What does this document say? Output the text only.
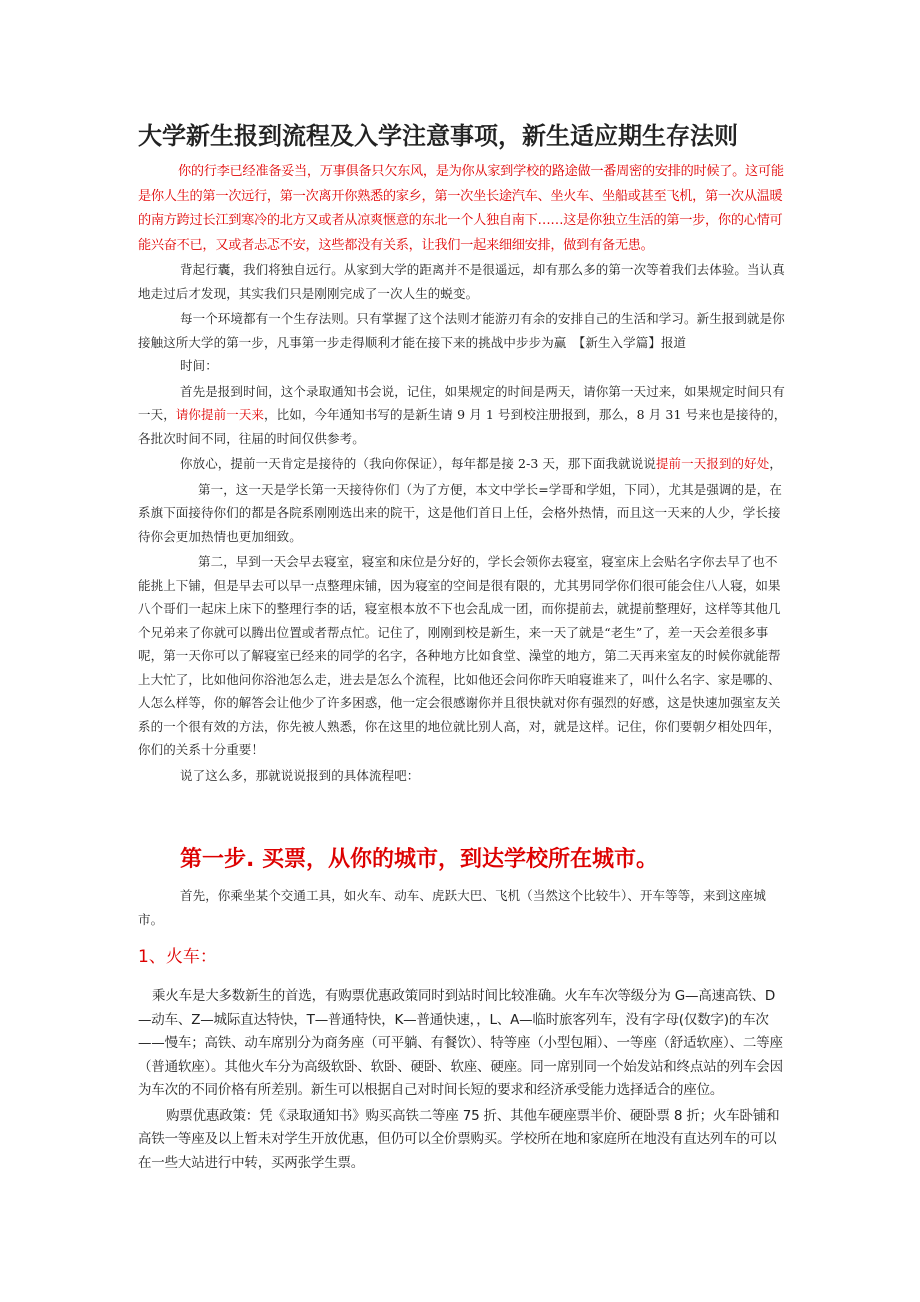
大学新生报到流程及入学注意事项，新生适应期生存法则
你的行李已经准备妥当，万事俱备只欠东风，是为你从家到学校的路途做一番周密的安排的时候了。这可能是你人生的第一次远行，第一次离开你熟悉的家乡，第一次坐长途汽车、坐火车、坐船或甚至飞机，第一次从温暖的南方跨过长江到寒冷的北方又或者从凉爽惬意的东北一个人独自南下……这是你独立生活的第一步，你的心情可能兴奋不已，又或者忐忑不安，这些都没有关系，让我们一起来细细安排，做到有备无患。

背起行囊，我们将独自远行。从家到大学的距离并不是很遥远，却有那么多的第一次等着我们去体验。当认真地走过后才发现，其实我们只是刚刚完成了一次人生的蜕变。

每一个环境都有一个生存法则。只有掌握了这个法则才能游刃有余的安排自己的生活和学习。新生报到就是你接触这所大学的第一步，凡事第一步走得顺利才能在接下来的挑战中步步为赢　【新生入学篇】报道

时间：

首先是报到时间，这个录取通知书会说，记住，如果规定的时间是两天，请你第一天过来，如果规定时间只有一天，请你提前一天来，比如，今年通知书写的是新生请 9 月 1 号到校注册报到，那么，8 月 31 号来也是接待的，各批次时间不同，往届的时间仅供参考。

你放心，提前一天肯定是接待的（我向你保证），每年都是接 2-3 天，那下面我就说说提前一天报到的好处，

第一，这一天是学长第一天接待你们（为了方便，本文中学长=学哥和学姐，下同），尤其是强调的是，在系旗下面接待你们的都是各院系刚刚选出来的院干，这是他们首日上任，会格外热情，而且这一天来的人少，学长接待你会更加热情也更加细致。

第二，早到一天会早去寝室，寝室和床位是分好的，学长会领你去寝室，寝室床上会贴名字你去早了也不能挑上下铺，但是早去可以早一点整理床铺，因为寝室的空间是很有限的，尤其男同学你们很可能会住八人寝，如果八个哥们一起床上床下的整理行李的话，寝室根本放不下也会乱成一团，而你提前去，就提前整理好，这样等其他几个兄弟来了你就可以腾出位置或者帮点忙。记住了，刚刚到校是新生，来一天了就是“老生”了，差一天会差很多事呢，第一天你可以了解寝室已经来的同学的名字，各种地方比如食堂、澡堂的地方，第二天再来室友的时候你就能帮上大忙了，比如他问你浴池怎么走，进去是怎么个流程，比如他还会问你昨天咱寝谁来了，叫什么名字、家是哪的、人怎么样等，你的解答会让他少了许多困惑，他一定会很感谢你并且很快就对你有强烈的好感，这是快速加强室友关系的一个很有效的方法，你先被人熟悉，你在这里的地位就比别人高，对，就是这样。记住，你们要朝夕相处四年，你们的关系十分重要！

说了这么多，那就说说报到的具体流程吧：

第一步. 买票，从你的城市，到达学校所在城市。

首先，你乘坐某个交通工具，如火车、动车、虎跃大巴、飞机（当然这个比较牛）、开车等等，来到这座城市。

1、火车：

乘火车是大多数新生的首选，有购票优惠政策同时到站时间比较准确。火车车次等级分为 G—高速高铁、D—动车、Z—城际直达特快，T—普通特快，K—普通快速，，L、A—临时旅客列车，没有字母(仅数字)的车次——慢车；高铁、动车席别分为商务座（可平躺、有餐饮）、特等座（小型包厢）、一等座（舒适软座）、二等座（普通软座）。其他火车分为高级软卧、软卧、硬卧、软座、硬座。同一席别同一个始发站和终点站的列车会因为车次的不同价格有所差别。新生可以根据自己对时间长短的要求和经济承受能力选择适合的座位。

购票优惠政策：凭《录取通知书》购买高铁二等座 75 折、其他车硬座票半价、硬卧票 8 折；火车卧铺和高铁一等座及以上暂未对学生开放优惠，但仍可以全价票购买。学校所在地和家庭所在地没有直达列车的可以在一些大站进行中转，买两张学生票。
